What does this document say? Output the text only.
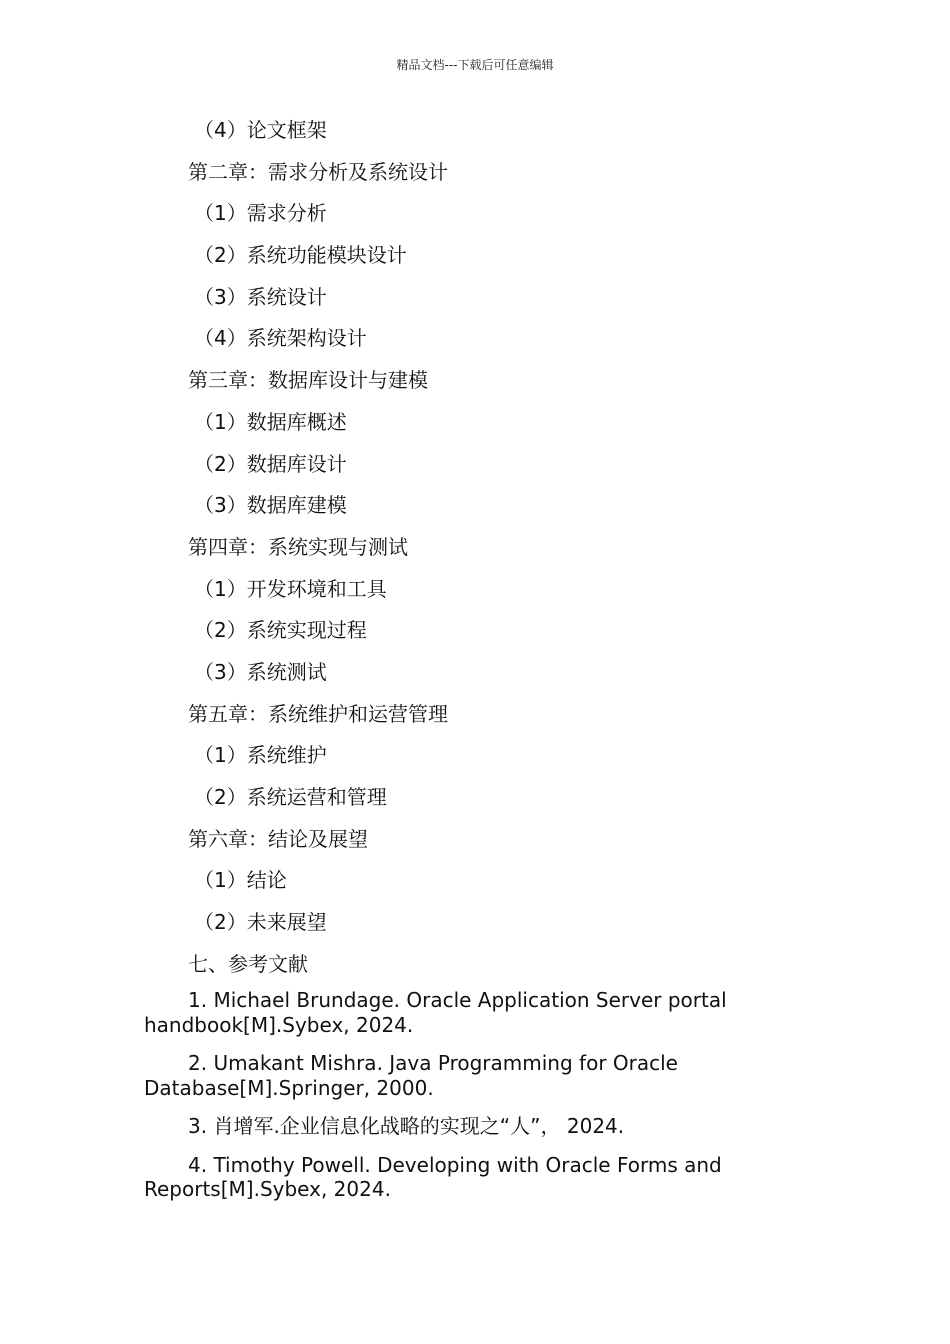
精品文档---下载后可任意编辑
（4）论文框架
第二章：需求分析及系统设计
（1）需求分析
（2）系统功能模块设计
（3）系统设计
（4）系统架构设计
第三章：数据库设计与建模
（1）数据库概述
（2）数据库设计
（3）数据库建模
第四章：系统实现与测试
（1）开发环境和工具
（2）系统实现过程
（3）系统测试
第五章：系统维护和运营管理
（1）系统维护
（2）系统运营和管理
第六章：结论及展望
（1）结论
（2）未来展望
七、参考文献

1. Michael Brundage. Oracle Application Server portal handbook[M].Sybex, 2024.

2. Umakant Mishra. Java Programming for Oracle Database[M].Springer, 2000.

3. 肖增军.企业信息化战略的实现之“人”， 2024.

4. Timothy Powell. Developing with Oracle Forms and Reports[M].Sybex, 2024.
